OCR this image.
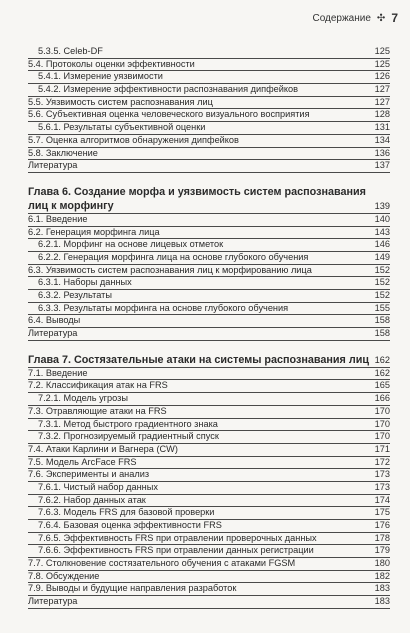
Содержание ✣ 7
5.3.5. Celeb-DF	125
5.4. Протоколы оценки эффективности	125
5.4.1. Измерение уязвимости	126
5.4.2. Измерение эффективности распознавания дипфейков	127
5.5. Уязвимость систем распознавания лиц	127
5.6. Субъективная оценка человеческого визуального восприятия	128
5.6.1. Результаты субъективной оценки	131
5.7. Оценка алгоритмов обнаружения дипфейков	134
5.8. Заключение	136
Литература	137
Глава 6. Создание морфа и уязвимость систем распознавания
лиц к морфингу	139
6.1. Введение	140
6.2. Генерация морфинга лица	143
6.2.1. Морфинг на основе лицевых отметок	146
6.2.2. Генерация морфинга лица на основе глубокого обучения	149
6.3. Уязвимость систем распознавания лиц к морфированию лица	152
6.3.1. Наборы данных	152
6.3.2. Результаты	152
6.3.3. Результаты морфинга на основе глубокого обучения	155
6.4. Выводы	158
Литература	158
Глава 7. Состязательные атаки на системы распознавания лиц 162
7.1. Введение	162
7.2. Классификация атак на FRS	165
7.2.1. Модель угрозы	166
7.3. Отравляющие атаки на FRS	170
7.3.1. Метод быстрого градиентного знака	170
7.3.2. Прогнозируемый градиентный спуск	170
7.4. Атаки Карлини и Вагнера (CW)	171
7.5. Модель ArcFace FRS	172
7.6. Эксперименты и анализ	173
7.6.1. Чистый набор данных	173
7.6.2. Набор данных атак	174
7.6.3. Модель FRS для базовой проверки	175
7.6.4. Базовая оценка эффективности FRS	176
7.6.5. Эффективность FRS при отравлении проверочных данных	178
7.6.6. Эффективность FRS при отравлении данных регистрации	179
7.7. Столкновение состязательного обучения с атаками FGSM	180
7.8. Обсуждение	182
7.9. Выводы и будущие направления разработок	183
Литература	183
